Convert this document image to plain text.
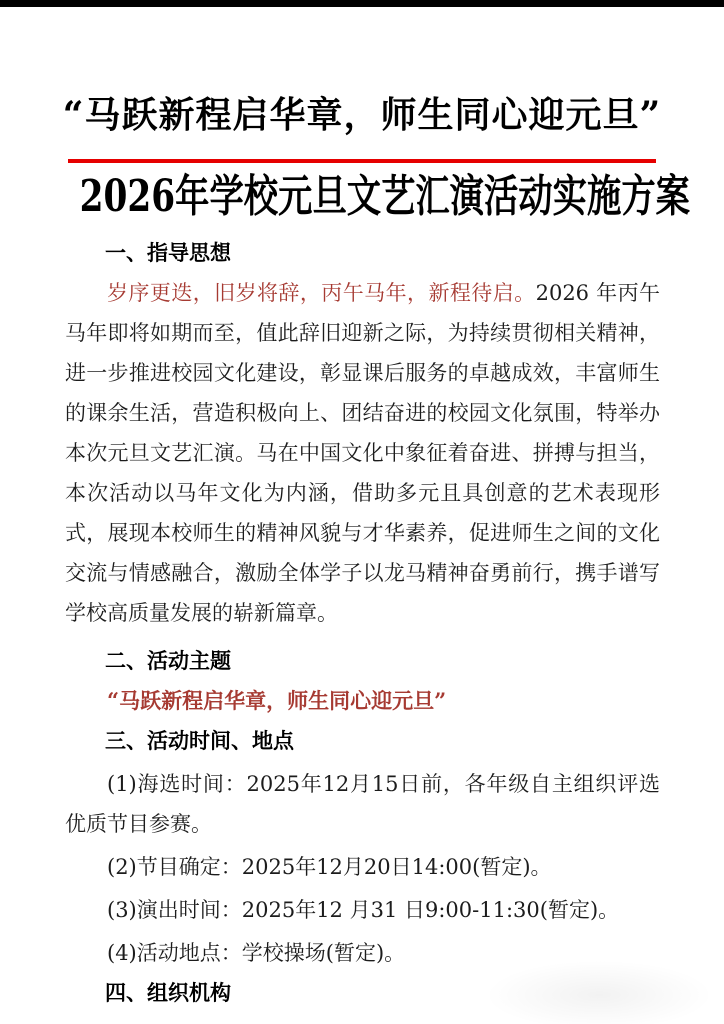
“马跃新程启华章，师生同心迎元旦”
2026年学校元旦文艺汇演活动实施方案
一、指导思想

岁序更迭，旧岁将辞，丙午马年，新程待启。2026 年丙午马年即将如期而至，值此辞旧迎新之际，为持续贯彻相关精神，进一步推进校园文化建设，彰显课后服务的卓越成效，丰富师生的课余生活，营造积极向上、团结奋进的校园文化氛围，特举办本次元旦文艺汇演。马在中国文化中象征着奋进、拼搏与担当，本次活动以马年文化为内涵，借助多元且具创意的艺术表现形式，展现本校师生的精神风貌与才华素养，促进师生之间的文化交流与情感融合，激励全体学子以龙马精神奋勇前行，携手谱写学校高质量发展的崭新篇章。

二、活动主题

“马跃新程启华章，师生同心迎元旦”

三、活动时间、地点

(1)海选时间：2025年12月15日前，各年级自主组织评选优质节目参赛。

(2)节目确定：2025年12月20日14:00(暂定)。

(3)演出时间：2025年12 月31 日9:00-11:30(暂定)。

(4)活动地点：学校操场(暂定)。

四、组织机构
